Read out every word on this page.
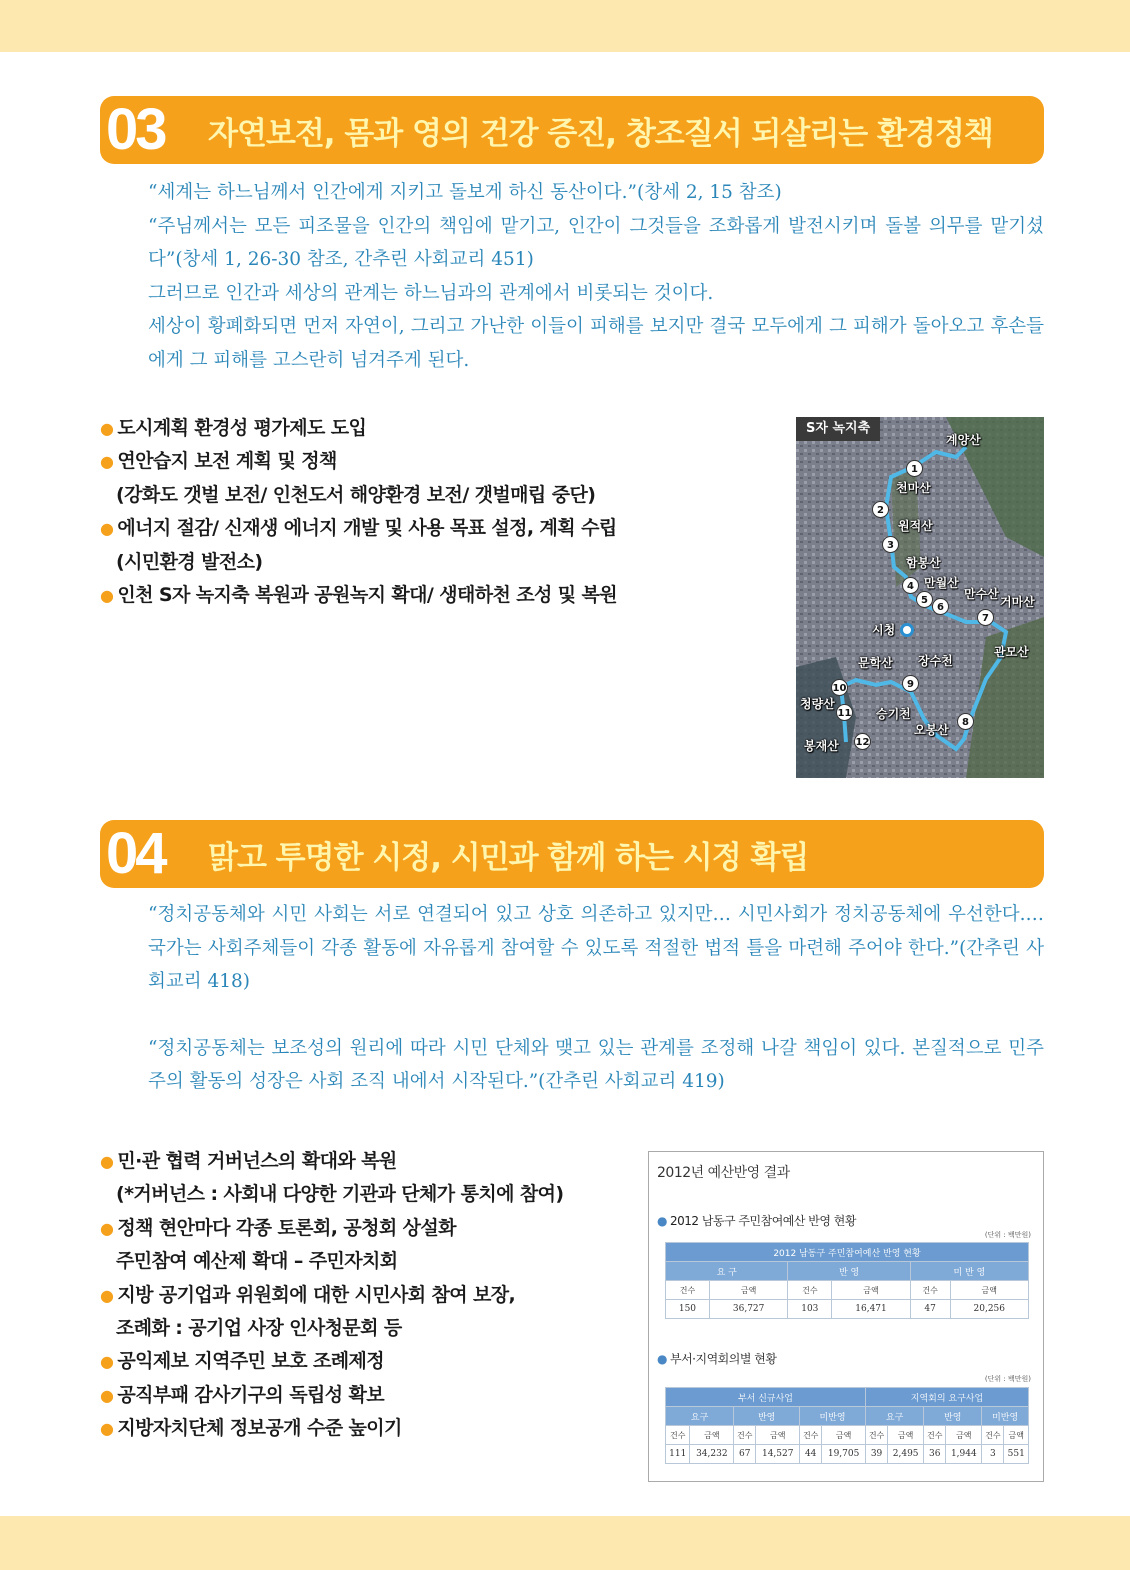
03	자연보전, 몸과 영의 건강 증진, 창조질서 되살리는 환경정책

“세계는 하느님께서 인간에게 지키고 돌보게 하신 동산이다.”(창세 2, 15 참조)

“주님께서는 모든 피조물을 인간의 책임에 맡기고, 인간이 그것들을 조화롭게 발전시키며 돌볼 의무를 맡기셨다”(창세 1, 26-30 참조, 간추린 사회교리 451)

그러므로 인간과 세상의 관계는 하느님과의 관계에서 비롯되는 것이다.

세상이 황폐화되면 먼저 자연이, 그리고 가난한 이들이 피해를 보지만 결국 모두에게 그 피해가 돌아오고 후손들에게 그 피해를 고스란히 넘겨주게 된다.

● 도시계획 환경성 평가제도 도입
● 연안습지 보전 계획 및 정책
(강화도 갯벌 보전/ 인천도서 해양환경 보전/ 갯벌매립 중단)
● 에너지 절감/ 신재생 에너지 개발 및 사용 목표 설정, 계획 수립
(시민환경 발전소)
● 인천 S자 녹지축 복원과 공원녹지 확대/ 생태하천 조성 및 복원
S자 녹지축
계양산
천마산
원적산
함봉산
만월산
만수산
거마산
관모산
장수천
문학산
승기천
오봉산
청량산
봉재산
시청
1
2
3
4
5
6
7
8
9
10
11
12
04	맑고 투명한 시정, 시민과 함께 하는 시정 확립

“정치공동체와 시민 사회는 서로 연결되어 있고 상호 의존하고 있지만… 시민사회가 정치공동체에 우선한다.… 국가는 사회주체들이 각종 활동에 자유롭게 참여할 수 있도록 적절한 법적 틀을 마련해 주어야 한다.”(간추린 사회교리 418)

“정치공동체는 보조성의 원리에 따라 시민 단체와 맺고 있는 관계를 조정해 나갈 책임이 있다. 본질적으로 민주주의 활동의 성장은 사회 조직 내에서 시작된다.”(간추린 사회교리 419)

● 민·관 협력 거버넌스의 확대와 복원
(*거버넌스 : 사회내 다양한 기관과 단체가 통치에 참여)
● 정책 현안마다 각종 토론회, 공청회 상설화
주민참여 예산제 확대 – 주민자치회
● 지방 공기업과 위원회에 대한 시민사회 참여 보장,
조례화 : 공기업 사장 인사청문회 등
● 공익제보 지역주민 보호 조례제정
● 공직부패 감사기구의 독립성 확보
● 지방자치단체 정보공개 수준 높이기
2012년 예산반영 결과
● 2012 남동구 주민참여예산 반영 현황
(단위 : 백만원)
2012 남동구 주민참여예산 반영 현황					
요 구		반 영		미 반 영	
건수	금액	건수	금액	건수	금액
150	36,727	103	16,471	47	20,256
● 부서·지역회의별 현황
(단위 : 백만원)
부서 신규사업						지역회의 요구사업					
요구		반영		미반영		요구		반영		미반영	
건수	금액	건수	금액	건수	금액	건수	금액	건수	금액	건수	금액
111	34,232	67	14,527	44	19,705	39	2,495	36	1,944	3	551
